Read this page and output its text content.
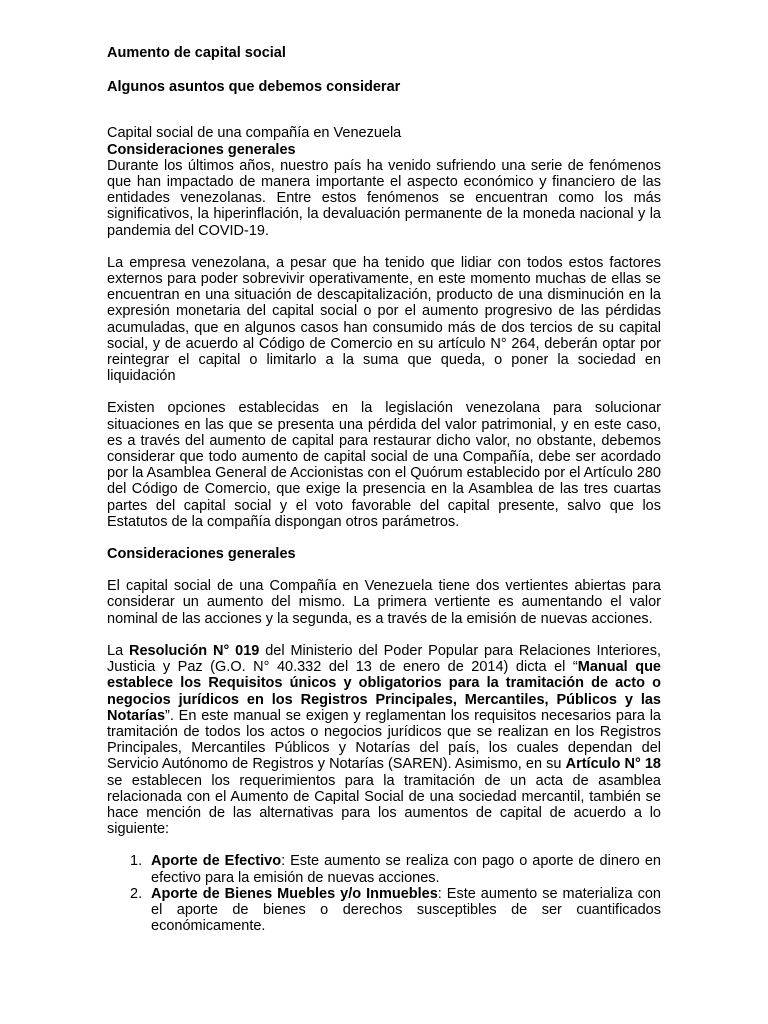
Aumento de capital social

Algunos asuntos que debemos considerar

Capital social de una compañía en Venezuela

Consideraciones generales

Durante los últimos años, nuestro país ha venido sufriendo una serie de fenómenos que han impactado de manera importante el aspecto económico y financiero de las entidades venezolanas. Entre estos fenómenos se encuentran como los más significativos, la hiperinflación, la devaluación permanente de la moneda nacional y la pandemia del COVID-19.

La empresa venezolana, a pesar que ha tenido que lidiar con todos estos factores externos para poder sobrevivir operativamente, en este momento muchas de ellas se encuentran en una situación de descapitalización, producto de una disminución en la expresión monetaria del capital social o por el aumento progresivo de las pérdidas acumuladas, que en algunos casos han consumido más de dos tercios de su capital social, y de acuerdo al Código de Comercio en su artículo N° 264, deberán optar por reintegrar el capital o limitarlo a la suma que queda, o poner la sociedad en liquidación

Existen opciones establecidas en la legislación venezolana para solucionar situaciones en las que se presenta una pérdida del valor patrimonial, y en este caso, es a través del aumento de capital para restaurar dicho valor, no obstante, debemos considerar que todo aumento de capital social de una Compañía, debe ser acordado por la Asamblea General de Accionistas con el Quórum establecido por el Artículo 280 del Código de Comercio, que exige la presencia en la Asamblea de las tres cuartas partes del capital social y el voto favorable del capital presente, salvo que los Estatutos de la compañía dispongan otros parámetros.

Consideraciones generales

El capital social de una Compañía en Venezuela tiene dos vertientes abiertas para considerar un aumento del mismo. La primera vertiente es aumentando el valor nominal de las acciones y la segunda, es a través de la emisión de nuevas acciones.

La Resolución N° 019 del Ministerio del Poder Popular para Relaciones Interiores, Justicia y Paz (G.O. N° 40.332 del 13 de enero de 2014) dicta el “Manual que establece los Requisitos únicos y obligatorios para la tramitación de acto o negocios jurídicos en los Registros Principales, Mercantiles, Públicos y las Notarías”. En este manual se exigen y reglamentan los requisitos necesarios para la tramitación de todos los actos o negocios jurídicos que se realizan en los Registros Principales, Mercantiles Públicos y Notarías del país, los cuales dependan del Servicio Autónomo de Registros y Notarías (SAREN). Asimismo, en su Artículo N° 18 se establecen los requerimientos para la tramitación de un acta de asamblea relacionada con el Aumento de Capital Social de una sociedad mercantil, también se hace mención de las alternativas para los aumentos de capital de acuerdo a lo siguiente:

1. Aporte de Efectivo: Este aumento se realiza con pago o aporte de dinero en efectivo para la emisión de nuevas acciones.
2. Aporte de Bienes Muebles y/o Inmuebles: Este aumento se materializa con el aporte de bienes o derechos susceptibles de ser cuantificados económicamente.
